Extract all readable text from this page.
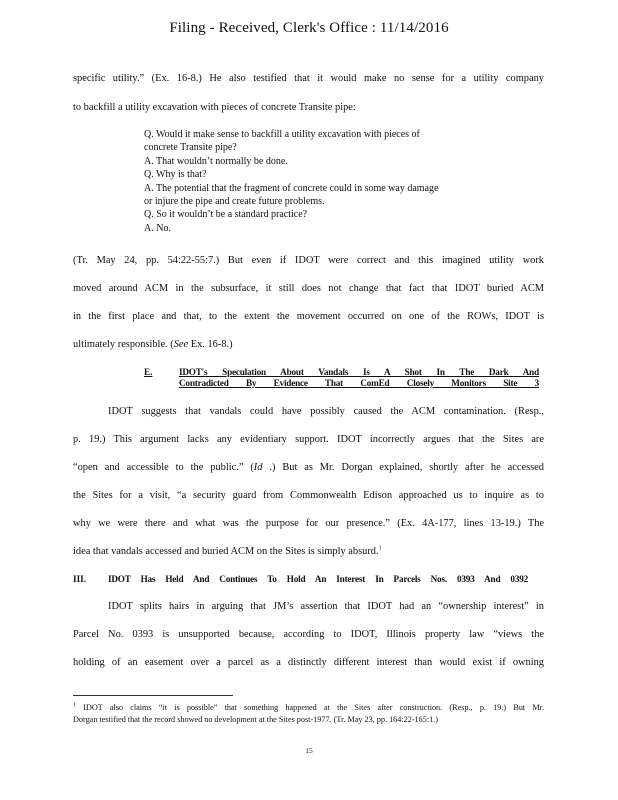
Filing - Received, Clerk's Office : 11/14/2016
specific utility.” (Ex. 16-8.) He also testified that it would make no sense for a utility company
to backfill a utility excavation with pieces of concrete Transite pipe:
Q. Would it make sense to backfill a utility excavation with pieces of
concrete Transite pipe?
A. That wouldn’t normally be done.
Q. Why is that?
A. The potential that the fragment of concrete could in some way damage
or injure the pipe and create future problems.
Q. So it wouldn’t be a standard practice?
A. No.
(Tr. May 24, pp. 54:22-55:7.) But even if IDOT were correct and this imagined utility work
moved around ACM in the subsurface, it still does not change that fact that IDOT buried ACM
in the first place and that, to the extent the movement occurred on one of the ROWs, IDOT is
ultimately responsible. (See Ex. 16-8.)
E.	IDOT's Speculation About Vandals Is A Shot In The Dark And
Contradicted By Evidence That ComEd Closely Monitors Site 3
IDOT suggests that vandals could have possibly caused the ACM contamination. (Resp.,
p. 19.) This argument lacks any evidentiary support. IDOT incorrectly argues that the Sites are
“open and accessible to the public.” (Id .) But as Mr. Dorgan explained, shortly after he accessed
the Sites for a visit, “a security guard from Commonwealth Edison approached us to inquire as to
why we were there and what was the purpose for our presence.” (Ex. 4A-177, lines 13-19.) The
idea that vandals accessed and buried ACM on the Sites is simply absurd.$^1$
III. IDOT Has Held And Continues To Hold An Interest In Parcels Nos. 0393 And 0392
IDOT splits hairs in arguing that JM’s assertion that IDOT had an “ownership interest” in
Parcel No. 0393 is unsupported because, according to IDOT, Illinois property law “views the
holding of an easement over a parcel as a distinctly different interest than would exist if owning
$^1$ IDOT also claims “it is possible” that something happened at the Sites after construction. (Resp., p. 19.) But Mr.
Dorgan testified that the record showed no development at the Sites post-1977. (Tr. May 23, pp. 164:22-165:1.)
15
